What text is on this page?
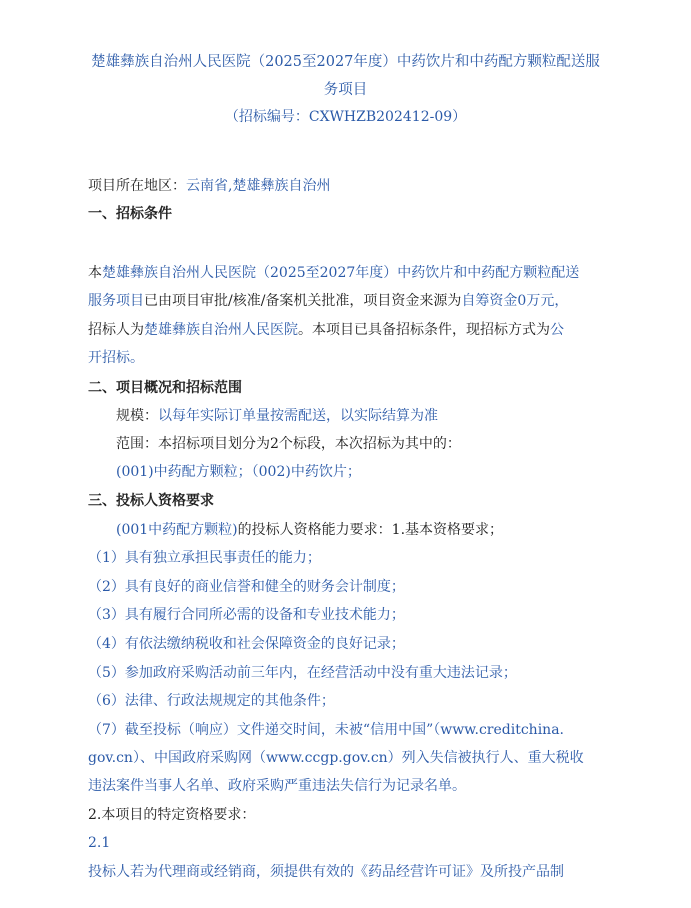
楚雄彝族自治州人民医院（2025至2027年度）中药饮片和中药配方颗粒配送服
务项目
（招标编号：CXWHZB202412-09）
项目所在地区：云南省,楚雄彝族自治州
一、招标条件
本楚雄彝族自治州人民医院（2025至2027年度）中药饮片和中药配方颗粒配送
服务项目已由项目审批/核准/备案机关批准，项目资金来源为自筹资金0万元，
招标人为楚雄彝族自治州人民医院。本项目已具备招标条件，现招标方式为公
开招标。
二、项目概况和招标范围
规模：以每年实际订单量按需配送，以实际结算为准
范围：本招标项目划分为2个标段，本次招标为其中的：
(001)中药配方颗粒；（002)中药饮片；
三、投标人资格要求
(001中药配方颗粒)的投标人资格能力要求：1.基本资格要求；
（1）具有独立承担民事责任的能力；
（2）具有良好的商业信誉和健全的财务会计制度；
（3）具有履行合同所必需的设备和专业技术能力；
（4）有依法缴纳税收和社会保障资金的良好记录；
（5）参加政府采购活动前三年内，在经营活动中没有重大违法记录；
（6）法律、行政法规规定的其他条件；
（7）截至投标（响应）文件递交时间，未被“信用中国”（www.creditchina.
gov.cn）、中国政府采购网（www.ccgp.gov.cn）列入失信被执行人、重大税收
违法案件当事人名单、政府采购严重违法失信行为记录名单。
2.本项目的特定资格要求：
2.1
投标人若为代理商或经销商，须提供有效的《药品经营许可证》及所投产品制
